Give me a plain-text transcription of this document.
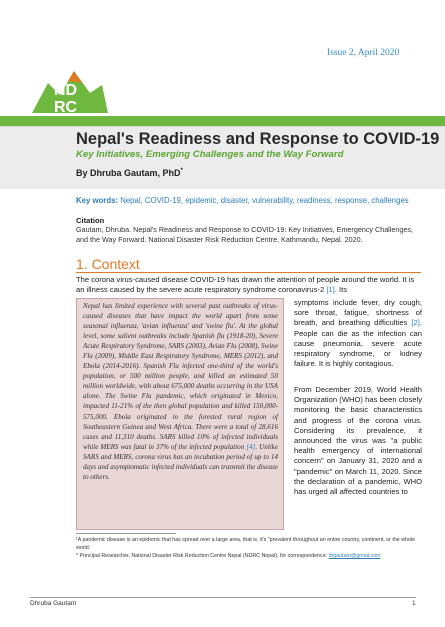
Issue 2, April 2020
ND
RC
Nepal's Readiness and Response to COVID-19
Key Initiatives, Emerging Challenges and the Way Forward
By Dhruba Gautam, PhD*
Key words: Nepal, COVID-19, epidemic, disaster, vulnerability, readiness, response, challenges
Citation
Gautam, Dhruba. Nepal's Readiness and Response to COVID-19: Key Initiatives, Emergency Challenges, and the Way Forward. National Disaster Risk Reduction Centre, Kathmandu, Nepal. 2020.
1. Context
The corona virus-caused disease COVID-19 has drawn the attention of people around the world. It is an illness caused by the severe acute respiratory syndrome coronavirus-2 [1]. Its
Nepal has limited experience with several past outbreaks of virus-caused diseases that have impact the world apart from some seasonal influenza, 'avian influenza' and 'swine flu'. At the global level, some salient outbreaks include Spanish flu (1918-20), Severe Acute Respiratory Syndrome, SARS (2003), Avian Flu (2008), Swine Flu (2009), Middle East Respiratory Syndrome, MERS (2012), and Ebola (2014-2016). Spanish Flu infected one-third of the world's population, or 500 million people, and killed an estimated 50 million worldwide, with about 675,000 deaths occurring in the USA alone. The Swine Flu pandemic, which originated in Mexico, impacted 11-21% of the then global population and killed 150,000-575,000. Ebola originated in the forested rural region of Southeastern Guinea and West Africa. There were a total of 28,616 cases and 11,310 deaths. SARS killed 10% of infected individuals while MERS was fatal in 37% of the infected population [4]. Unlike SARS and MERS, corona virus has an incubation period of up to 14 days and asymptomatic infected individuals can transmit the disease to others.
symptoms include fever, dry cough, sore throat, fatigue, shortness of breath, and breathing difficulties [2]. People can die as the infection can cause pneumonia, severe acute respiratory syndrome, or kidney failure. It is highly contagious.
From December 2019, World Health Organization (WHO) has been closely monitoring the basic characteristics and progress of the corona virus. Considering its prevalence, it announced the virus was "a public health emergency of international concern" on January 31, 2020 and a "pandemic" on March 11, 2020. Since the declaration of a pandemic, WHO has urged all affected countries to
¹A pandemic disease is an epidemic that has spread over a large area, that is, it's "prevalent throughout an entire country, continent, or the whole world.
* Principal Researcher, National Disaster Risk Reduction Centre Nepal (NDRC Nepal), for correspondence: drgautam@gmail.com
Dhruba Gautam	1
